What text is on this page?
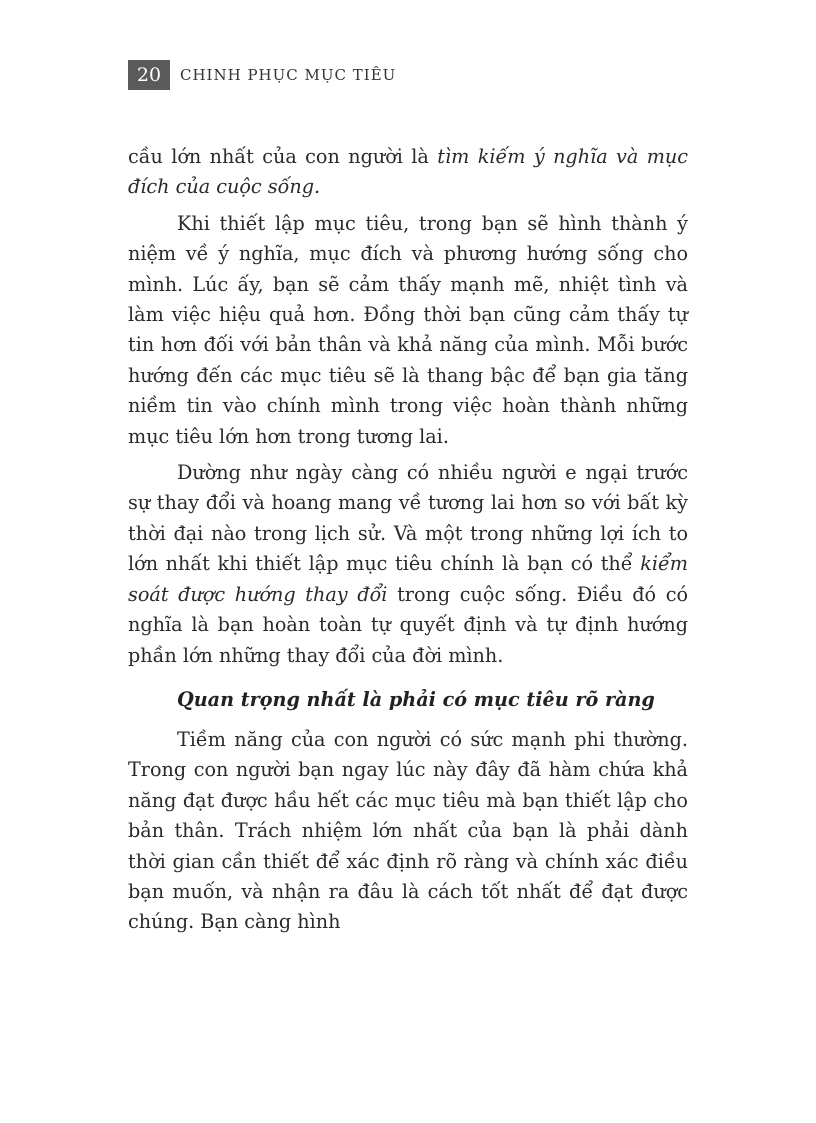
20	CHINH PHỤC MỤC TIÊU

cầu lớn nhất của con người là tìm kiếm ý nghĩa và mục đích của cuộc sống.

Khi thiết lập mục tiêu, trong bạn sẽ hình thành ý niệm về ý nghĩa, mục đích và phương hướng sống cho mình. Lúc ấy, bạn sẽ cảm thấy mạnh mẽ, nhiệt tình và làm việc hiệu quả hơn. Đồng thời bạn cũng cảm thấy tự tin hơn đối với bản thân và khả năng của mình. Mỗi bước hướng đến các mục tiêu sẽ là thang bậc để bạn gia tăng niềm tin vào chính mình trong việc hoàn thành những mục tiêu lớn hơn trong tương lai.

Dường như ngày càng có nhiều người e ngại trước sự thay đổi và hoang mang về tương lai hơn so với bất kỳ thời đại nào trong lịch sử. Và một trong những lợi ích to lớn nhất khi thiết lập mục tiêu chính là bạn có thể kiểm soát được hướng thay đổi trong cuộc sống. Điều đó có nghĩa là bạn hoàn toàn tự quyết định và tự định hướng phần lớn những thay đổi của đời mình.

Quan trọng nhất là phải có mục tiêu rõ ràng

Tiềm năng của con người có sức mạnh phi thường. Trong con người bạn ngay lúc này đây đã hàm chứa khả năng đạt được hầu hết các mục tiêu mà bạn thiết lập cho bản thân. Trách nhiệm lớn nhất của bạn là phải dành thời gian cần thiết để xác định rõ ràng và chính xác điều bạn muốn, và nhận ra đâu là cách tốt nhất để đạt được chúng. Bạn càng hình
